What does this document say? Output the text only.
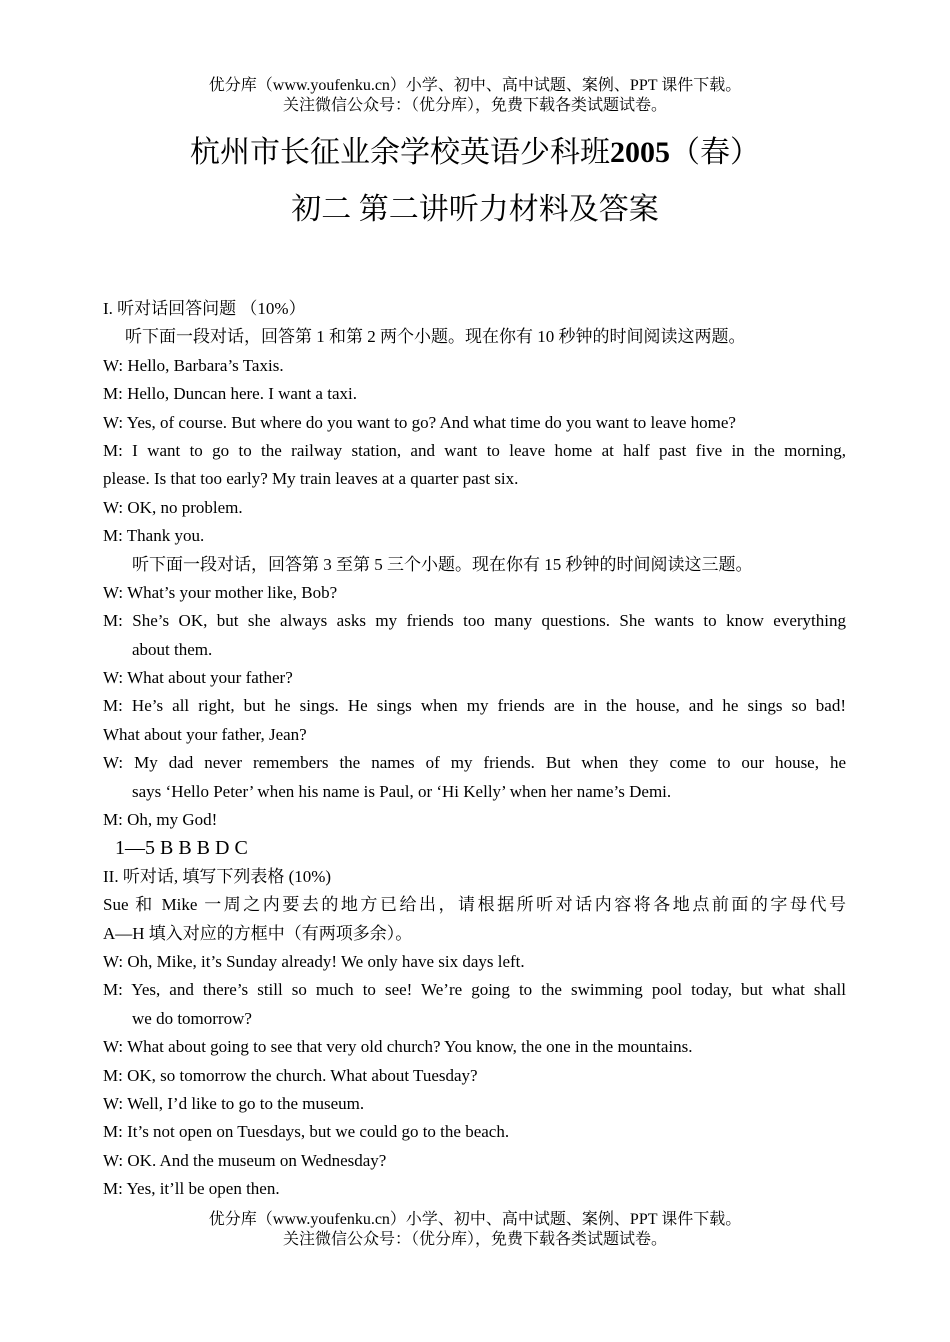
优分库（www.youfenku.cn）小学、初中、高中试题、案例、PPT 课件下载。
关注微信公众号：（优分库），免费下载各类试题试卷。
杭州市长征业余学校英语少科班2005（春）
初二 第二讲听力材料及答案
I. 听对话回答问题 （10%）
听下面一段对话，回答第 1 和第 2 两个小题。现在你有 10 秒钟的时间阅读这两题。
W: Hello, Barbara’s Taxis.
M: Hello, Duncan here. I want a taxi.
W: Yes, of course. But where do you want to go? And what time do you want to leave home?
M: I want to go to the railway station, and want to leave home at half past five in the morning,
please. Is that too early? My train leaves at a quarter past six.
W: OK, no problem.
M: Thank you.
听下面一段对话，回答第 3 至第 5 三个小题。现在你有 15 秒钟的时间阅读这三题。
W: What’s your mother like, Bob?
M: She’s OK, but she always asks my friends too many questions. She wants to know everything
about them.
W: What about your father?
M: He’s all right, but he sings. He sings when my friends are in the house, and he sings so bad!
What about your father, Jean?
W: My dad never remembers the names of my friends. But when they come to our house, he
says ‘Hello Peter’ when his name is Paul, or ‘Hi Kelly’ when her name’s Demi.
M: Oh, my God!
1—5 B B B D C
II. 听对话, 填写下列表格 (10%)
Sue 和 Mike 一周之内要去的地方已给出，请根据所听对话内容将各地点前面的字母代号
A—H 填入对应的方框中（有两项多余）。
W: Oh, Mike, it’s Sunday already! We only have six days left.
M: Yes, and there’s still so much to see! We’re going to the swimming pool today, but what shall
we do tomorrow?
W: What about going to see that very old church? You know, the one in the mountains.
M: OK, so tomorrow the church. What about Tuesday?
W: Well, I’d like to go to the museum.
M: It’s not open on Tuesdays, but we could go to the beach.
W: OK. And the museum on Wednesday?
M: Yes, it’ll be open then.
优分库（www.youfenku.cn）小学、初中、高中试题、案例、PPT 课件下载。
关注微信公众号：（优分库），免费下载各类试题试卷。
